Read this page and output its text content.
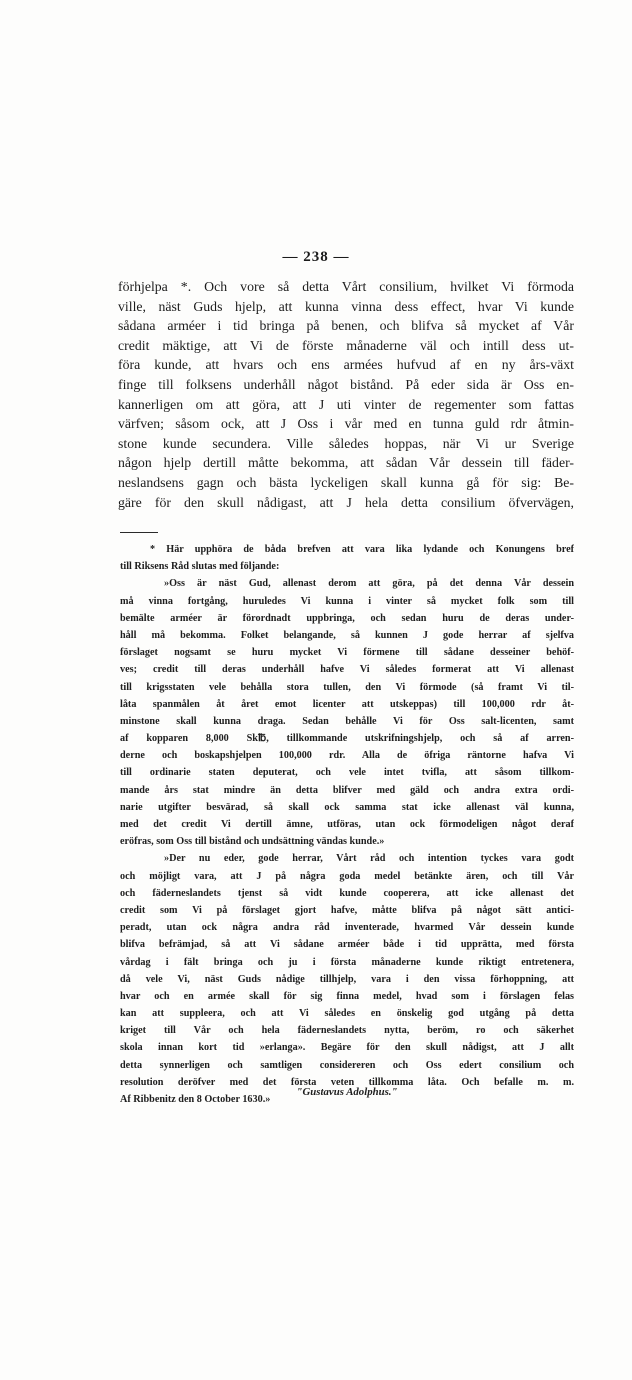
— 238 —
förhjelpa *. Och vore så detta Vårt consilium, hvilket Vi förmoda
ville, näst Guds hjelp, att kunna vinna dess effect, hvar Vi kunde
sådana arméer i tid bringa på benen, och blifva så mycket af Vår
credit mäktige, att Vi de förste månaderne väl och intill dess ut-
föra kunde, att hvars och ens armées hufvud af en ny års-växt
finge till folksens underhåll något bistånd. På eder sida är Oss en-
kannerligen om att göra, att J uti vinter de regementer som fattas
värfven; såsom ock, att J Oss i vår med en tunna guld rdr åtmin-
stone kunde secundera. Ville således hoppas, när Vi ur Sverige
någon hjelp dertill måtte bekomma, att sådan Vår dessein till fäder-
neslandsens gagn och bästa lyckeligen skall kunna gå för sig: Be-
gäre för den skull nådigast, att J hela detta consilium öfvervägen,
* Här upphöra de båda brefven att vara lika lydande och Konungens bref
till Riksens Råd slutas med följande:
»Oss är näst Gud, allenast derom att göra, på det denna Vår dessein
må vinna fortgång, huruledes Vi kunna i vinter så mycket folk som till
bemälte arméer är förordnadt uppbringa, och sedan huru de deras under-
håll må bekomma. Folket belangande, så kunnen J gode herrar af sjelfva
förslaget nogsamt se huru mycket Vi förmene till sådane desseiner behöf-
ves; credit till deras underhåll hafve Vi således formerat att Vi allenast
till krigsstaten vele behålla stora tullen, den Vi förmode (så framt Vi til-
låta spanmålen åt året emot licenter att utskeppas) till 100,000 rdr åt-
minstone skall kunna draga. Sedan behålle Vi för Oss salt-licenten, samt
af kopparen 8,000 Sk℔, tillkommande utskrifningshjelp, och så af arren-
derne och boskapshjelpen 100,000 rdr. Alla de öfriga räntorne hafva Vi
till ordinarie staten deputerat, och vele intet tvifla, att såsom tillkom-
mande års stat mindre än detta blifver med gäld och andra extra ordi-
narie utgifter besvärad, så skall ock samma stat icke allenast väl kunna,
med det credit Vi dertill ämne, utföras, utan ock förmodeligen något deraf
eröfras, som Oss till bistånd och undsättning vändas kunde.»
»Der nu eder, gode herrar, Vårt råd och intention tyckes vara godt
och möjligt vara, att J på några goda medel betänkte ären, och till Vår
och fäderneslandets tjenst så vidt kunde cooperera, att icke allenast det
credit som Vi på förslaget gjort hafve, måtte blifva på något sätt antici-
peradt, utan ock några andra råd inventerade, hvarmed Vår dessein kunde
blifva befrämjad, så att Vi sådane arméer både i tid upprätta, med första
vårdag i fält bringa och ju i första månaderne kunde riktigt entretenera,
då vele Vi, näst Guds nådige tillhjelp, vara i den vissa förhoppning, att
hvar och en armée skall för sig finna medel, hvad som i förslagen felas
kan att suppleera, och att Vi således en önskelig god utgång på detta
kriget till Vår och hela fäderneslandets nytta, beröm, ro och säkerhet
skola innan kort tid »erlanga». Begäre för den skull nådigst, att J allt
detta synnerligen och samtligen considereren och Oss edert consilium och
resolution deröfver med det första veten tillkomma låta. Och befalle m. m.
Af Ribbenitz den 8 October 1630.»
"Gustavus Adolphus."
